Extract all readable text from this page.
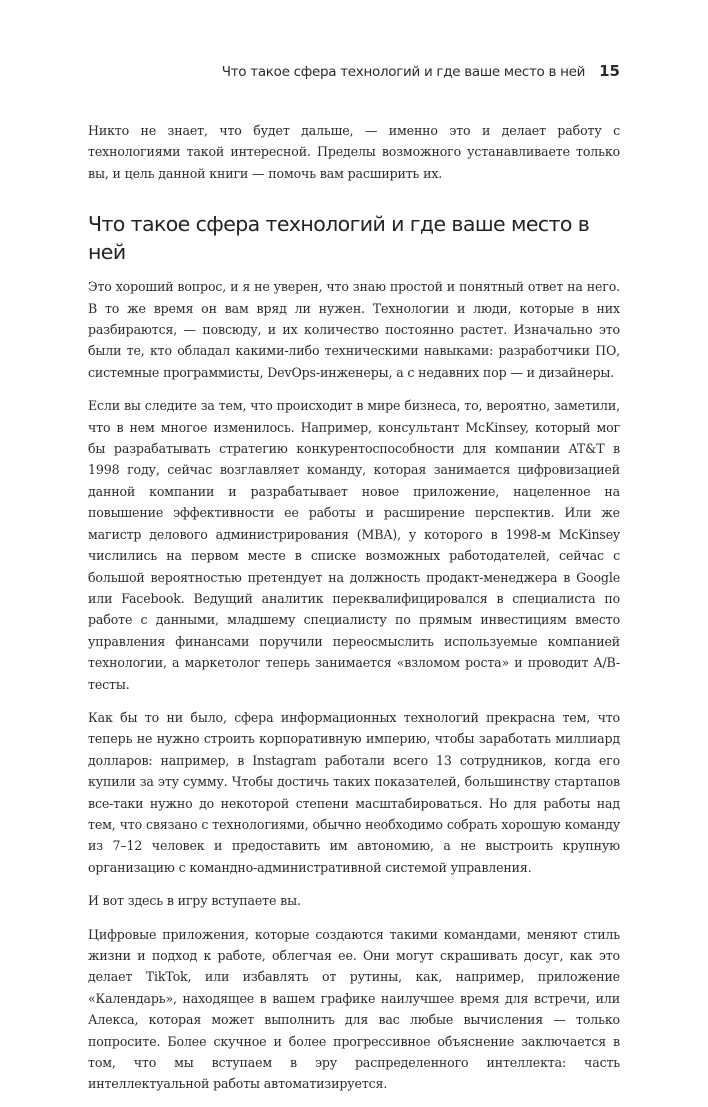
Что такое сфера технологий и где ваше место в ней 15

Никто не знает, что будет дальше, — именно это и делает работу с технологиями такой интересной. Пределы возможного устанавливаете только вы, и цель данной книги — помочь вам расширить их.

Что такое сфера технологий и где ваше место в ней

Это хороший вопрос, и я не уверен, что знаю простой и понятный ответ на него. В то же время он вам вряд ли нужен. Технологии и люди, которые в них разбираются, — повсюду, и их количество постоянно растет. Изначально это были те, кто обладал какими-либо техническими навыками: разработчики ПО, системные программисты, DevOps-инженеры, а с недавних пор — и дизайнеры.

Если вы следите за тем, что происходит в мире бизнеса, то, вероятно, заметили, что в нем многое изменилось. Например, консультант McKinsey, который мог бы разрабатывать стратегию конкурентоспособности для компании AT&T в 1998 году, сейчас возглавляет команду, которая занимается цифровизацией данной компании и разрабатывает новое приложение, нацеленное на повышение эффективности ее работы и расширение перспектив. Или же магистр делового администрирования (MBA), у которого в 1998-м McKinsey числились на первом месте в списке возможных работодателей, сейчас с большой вероятностью претендует на должность продакт-менеджера в Google или Facebook. Ведущий аналитик переквалифицировался в специалиста по работе с данными, младшему специалисту по прямым инвестициям вместо управления финансами поручили переосмыслить используемые компанией технологии, а маркетолог теперь занимается «взломом роста» и проводит A/B-тесты.

Как бы то ни было, сфера информационных технологий прекрасна тем, что теперь не нужно строить корпоративную империю, чтобы заработать миллиард долларов: например, в Instagram работали всего 13 сотрудников, когда его купили за эту сумму. Чтобы достичь таких показателей, большинству стартапов все-таки нужно до некоторой степени масштабироваться. Но для работы над тем, что связано с технологиями, обычно необходимо собрать хорошую команду из 7–12 человек и предоставить им автономию, а не выстроить крупную организацию с командно-административной системой управления.

И вот здесь в игру вступаете вы.

Цифровые приложения, которые создаются такими командами, меняют стиль жизни и подход к работе, облегчая ее. Они могут скрашивать досуг, как это делает TikTok, или избавлять от рутины, как, например, приложение «Календарь», находящее в вашем графике наилучшее время для встречи, или Алекса, которая может выполнить для вас любые вычисления — только попросите. Более скучное и более прогрессивное объяснение заключается в том, что мы вступаем в эру распределенного интеллекта: часть интеллектуальной работы автоматизируется.
